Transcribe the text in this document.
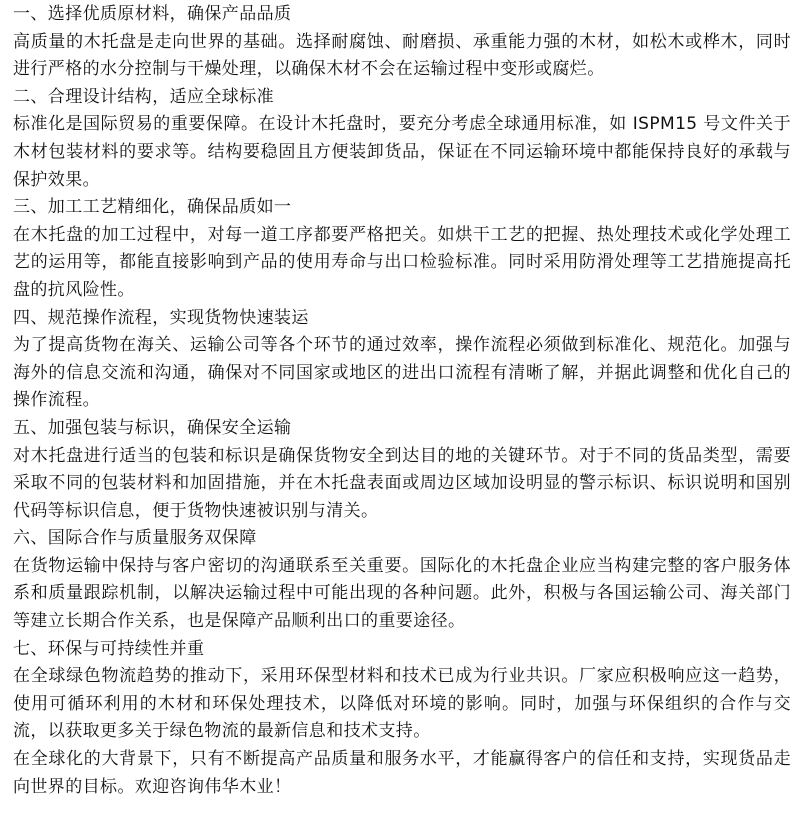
一、选择优质原材料，确保产品品质

高质量的木托盘是走向世界的基础。选择耐腐蚀、耐磨损、承重能力强的木材，如松木或桦木，同时进行严格的水分控制与干燥处理，以确保木材不会在运输过程中变形或腐烂。

二、合理设计结构，适应全球标准

标准化是国际贸易的重要保障。在设计木托盘时，要充分考虑全球通用标准，如 ISPM15 号文件关于木材包装材料的要求等。结构要稳固且方便装卸货品，保证在不同运输环境中都能保持良好的承载与保护效果。

三、加工工艺精细化，确保品质如一

在木托盘的加工过程中，对每一道工序都要严格把关。如烘干工艺的把握、热处理技术或化学处理工艺的运用等，都能直接影响到产品的使用寿命与出口检验标准。同时采用防滑处理等工艺措施提高托盘的抗风险性。

四、规范操作流程，实现货物快速装运

为了提高货物在海关、运输公司等各个环节的通过效率，操作流程必须做到标准化、规范化。加强与海外的信息交流和沟通，确保对不同国家或地区的进出口流程有清晰了解，并据此调整和优化自己的操作流程。

五、加强包装与标识，确保安全运输

对木托盘进行适当的包装和标识是确保货物安全到达目的地的关键环节。对于不同的货品类型，需要采取不同的包装材料和加固措施，并在木托盘表面或周边区域加设明显的警示标识、标识说明和国别代码等标识信息，便于货物快速被识别与清关。

六、国际合作与质量服务双保障

在货物运输中保持与客户密切的沟通联系至关重要。国际化的木托盘企业应当构建完整的客户服务体系和质量跟踪机制，以解决运输过程中可能出现的各种问题。此外，积极与各国运输公司、海关部门等建立长期合作关系，也是保障产品顺利出口的重要途径。

七、环保与可持续性并重

在全球绿色物流趋势的推动下，采用环保型材料和技术已成为行业共识。厂家应积极响应这一趋势，使用可循环利用的木材和环保处理技术，以降低对环境的影响。同时，加强与环保组织的合作与交流，以获取更多关于绿色物流的最新信息和技术支持。

在全球化的大背景下，只有不断提高产品质量和服务水平，才能赢得客户的信任和支持，实现货品走向世界的目标。欢迎咨询伟华木业！
